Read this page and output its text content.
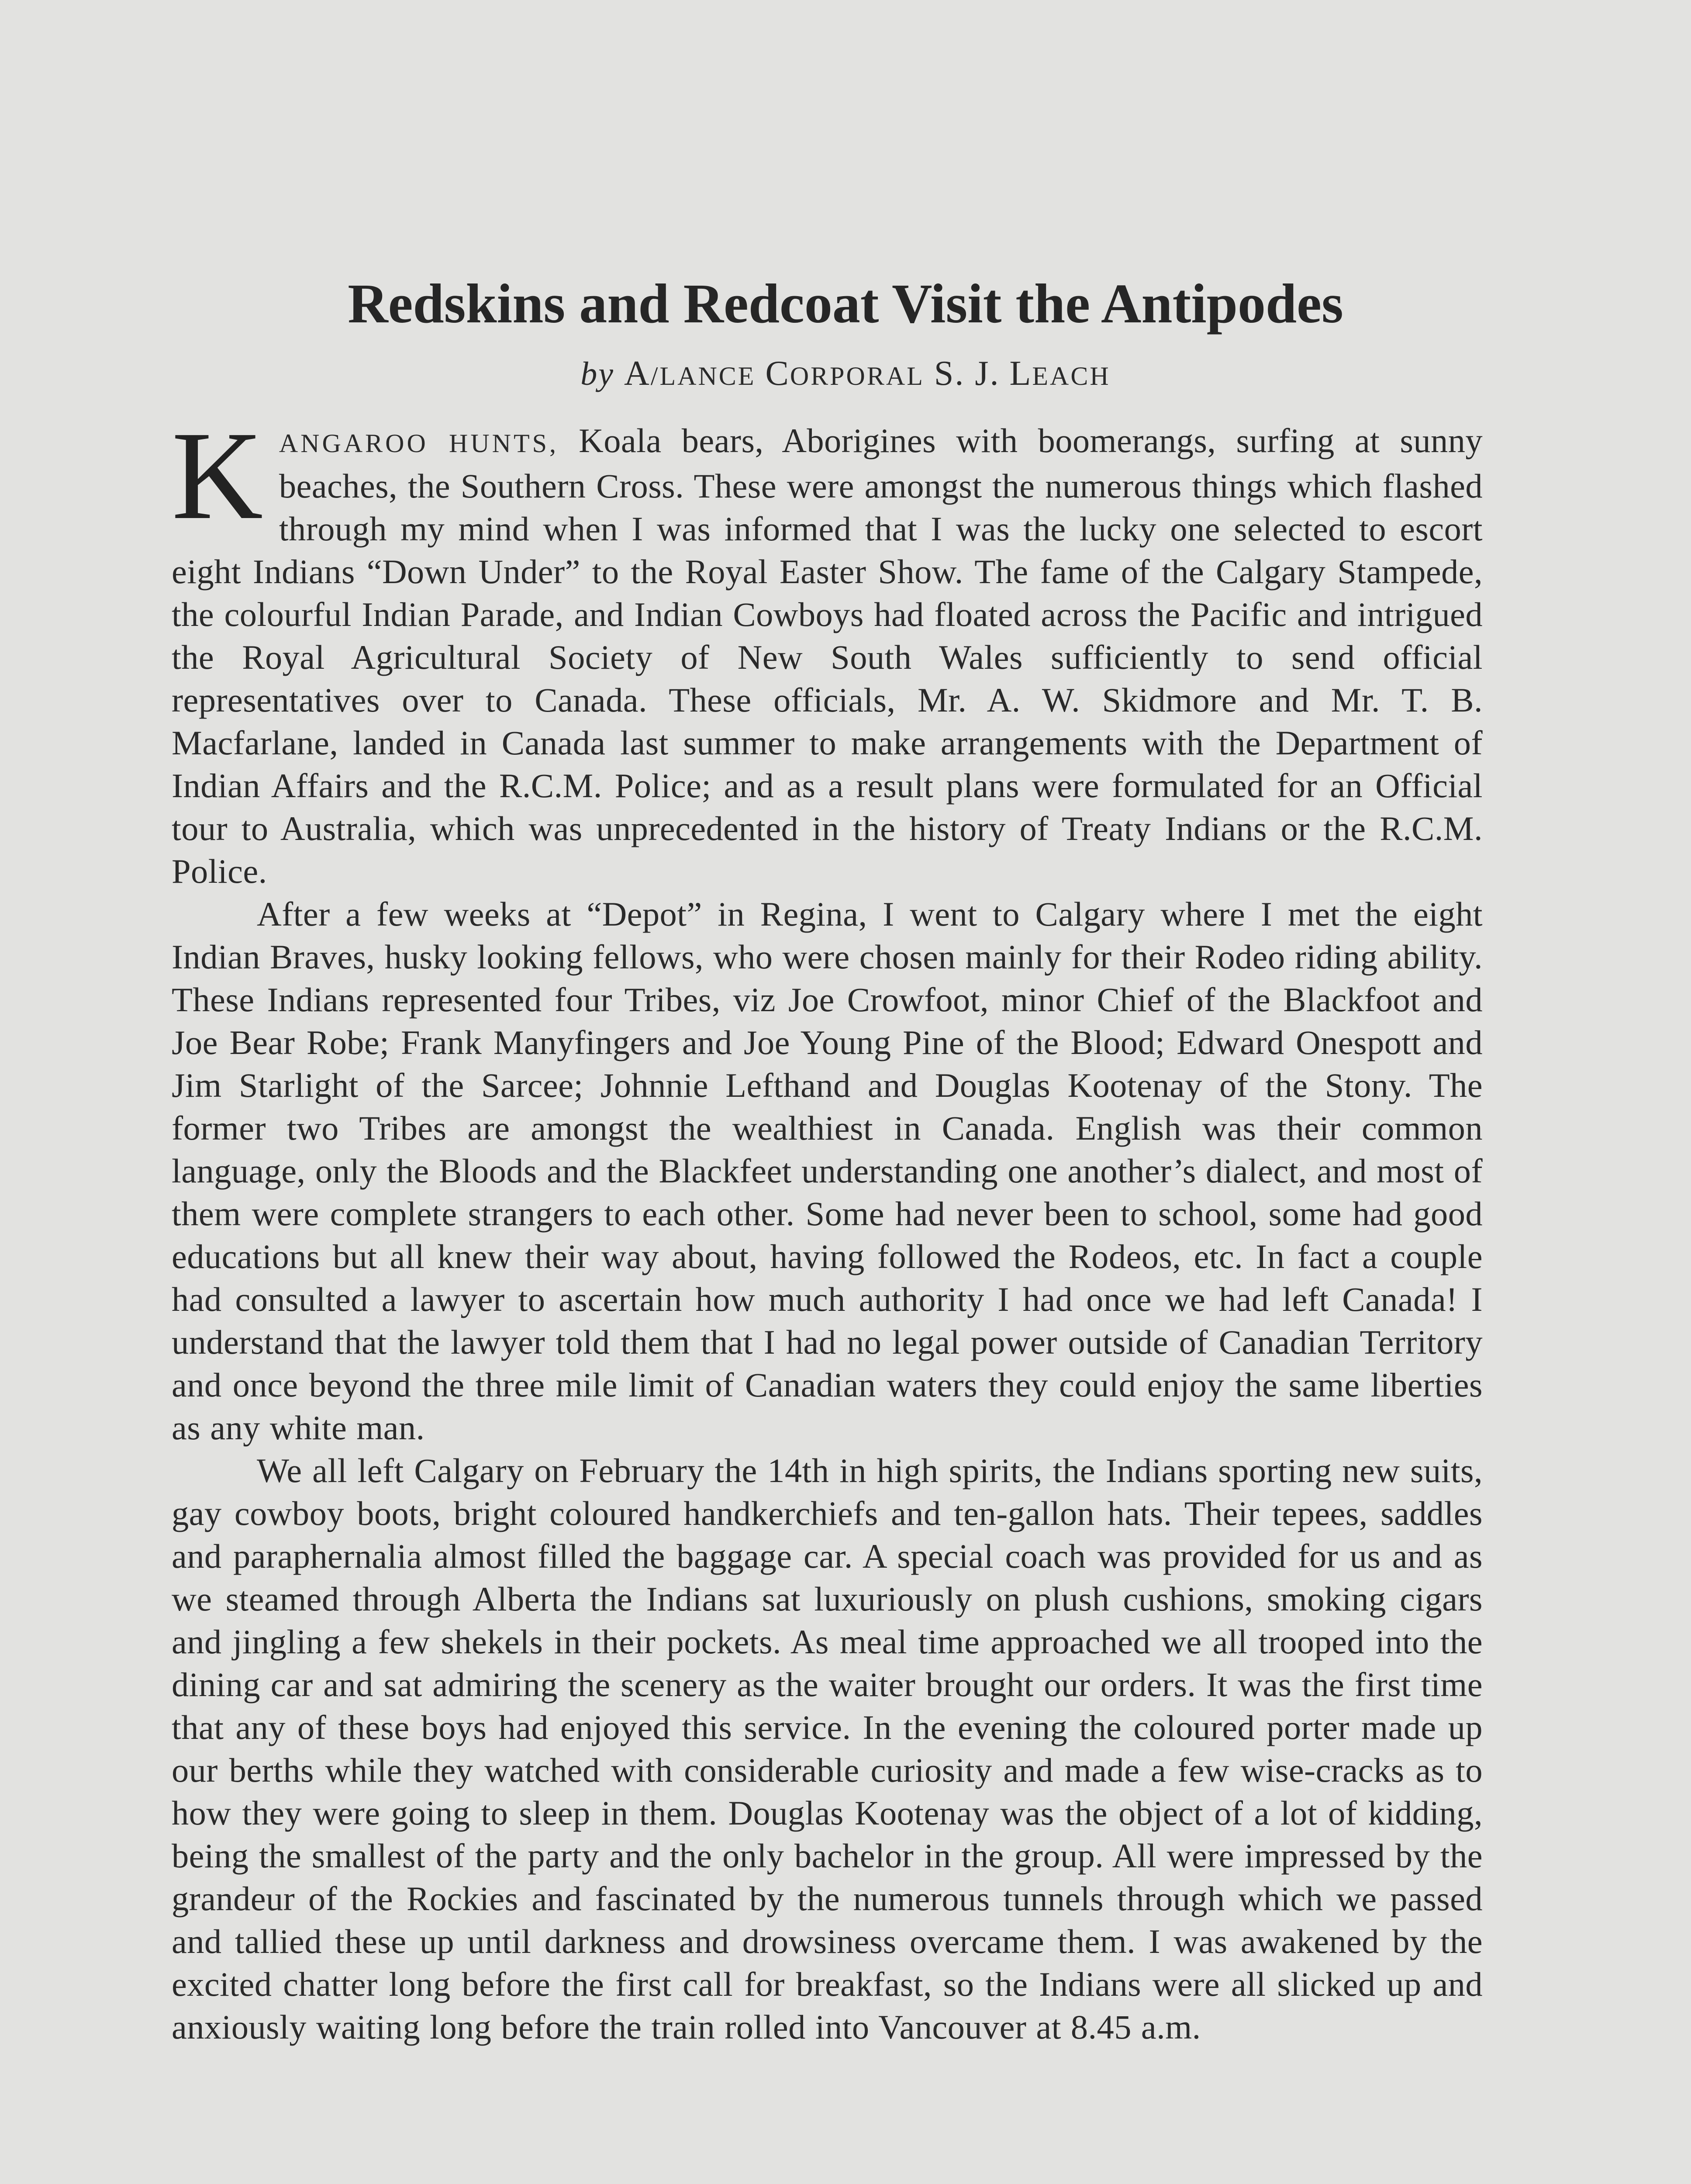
Redskins and Redcoat Visit the Antipodes
by A/LANCE CORPORAL S. J. LEACH

KANGAROO HUNTS, Koala bears, Aborigines with boomerangs, surfing at sunny beaches, the Southern Cross. These were amongst the numerous things which flashed through my mind when I was informed that I was the lucky one selected to escort eight Indians “Down Under” to the Royal Easter Show. The fame of the Calgary Stampede, the colourful Indian Parade, and Indian Cowboys had floated across the Pacific and intrigued the Royal Agricultural Society of New South Wales sufficiently to send official representatives over to Canada. These officials, Mr. A. W. Skidmore and Mr. T. B. Macfarlane, landed in Canada last summer to make arrangements with the Department of Indian Affairs and the R.C.M. Police; and as a result plans were formulated for an Official tour to Australia, which was unprecedented in the history of Treaty Indians or the R.C.M. Police.

After a few weeks at “Depot” in Regina, I went to Calgary where I met the eight Indian Braves, husky looking fellows, who were chosen mainly for their Rodeo riding ability. These Indians represented four Tribes, viz Joe Crowfoot, minor Chief of the Blackfoot and Joe Bear Robe; Frank Manyfingers and Joe Young Pine of the Blood; Edward Onespott and Jim Starlight of the Sarcee; Johnnie Lefthand and Douglas Kootenay of the Stony. The former two Tribes are amongst the wealthiest in Canada. English was their common language, only the Bloods and the Blackfeet understanding one another’s dialect, and most of them were complete strangers to each other. Some had never been to school, some had good educations but all knew their way about, having followed the Rodeos, etc. In fact a couple had consulted a lawyer to ascertain how much authority I had once we had left Canada! I understand that the lawyer told them that I had no legal power outside of Canadian Territory and once beyond the three mile limit of Canadian waters they could enjoy the same liberties as any white man.

We all left Calgary on February the 14th in high spirits, the Indians sporting new suits, gay cowboy boots, bright coloured handkerchiefs and ten-gallon hats. Their tepees, saddles and paraphernalia almost filled the baggage car. A special coach was provided for us and as we steamed through Alberta the Indians sat luxuriously on plush cushions, smoking cigars and jingling a few shekels in their pockets. As meal time approached we all trooped into the dining car and sat admiring the scenery as the waiter brought our orders. It was the first time that any of these boys had enjoyed this service. In the evening the coloured porter made up our berths while they watched with considerable curiosity and made a few wise-cracks as to how they were going to sleep in them. Douglas Kootenay was the object of a lot of kidding, being the smallest of the party and the only bachelor in the group. All were impressed by the grandeur of the Rockies and fascinated by the numerous tunnels through which we passed and tallied these up until darkness and drowsiness overcame them. I was awakened by the excited chatter long before the first call for breakfast, so the Indians were all slicked up and anxiously waiting long before the train rolled into Vancouver at 8.45 a.m.
